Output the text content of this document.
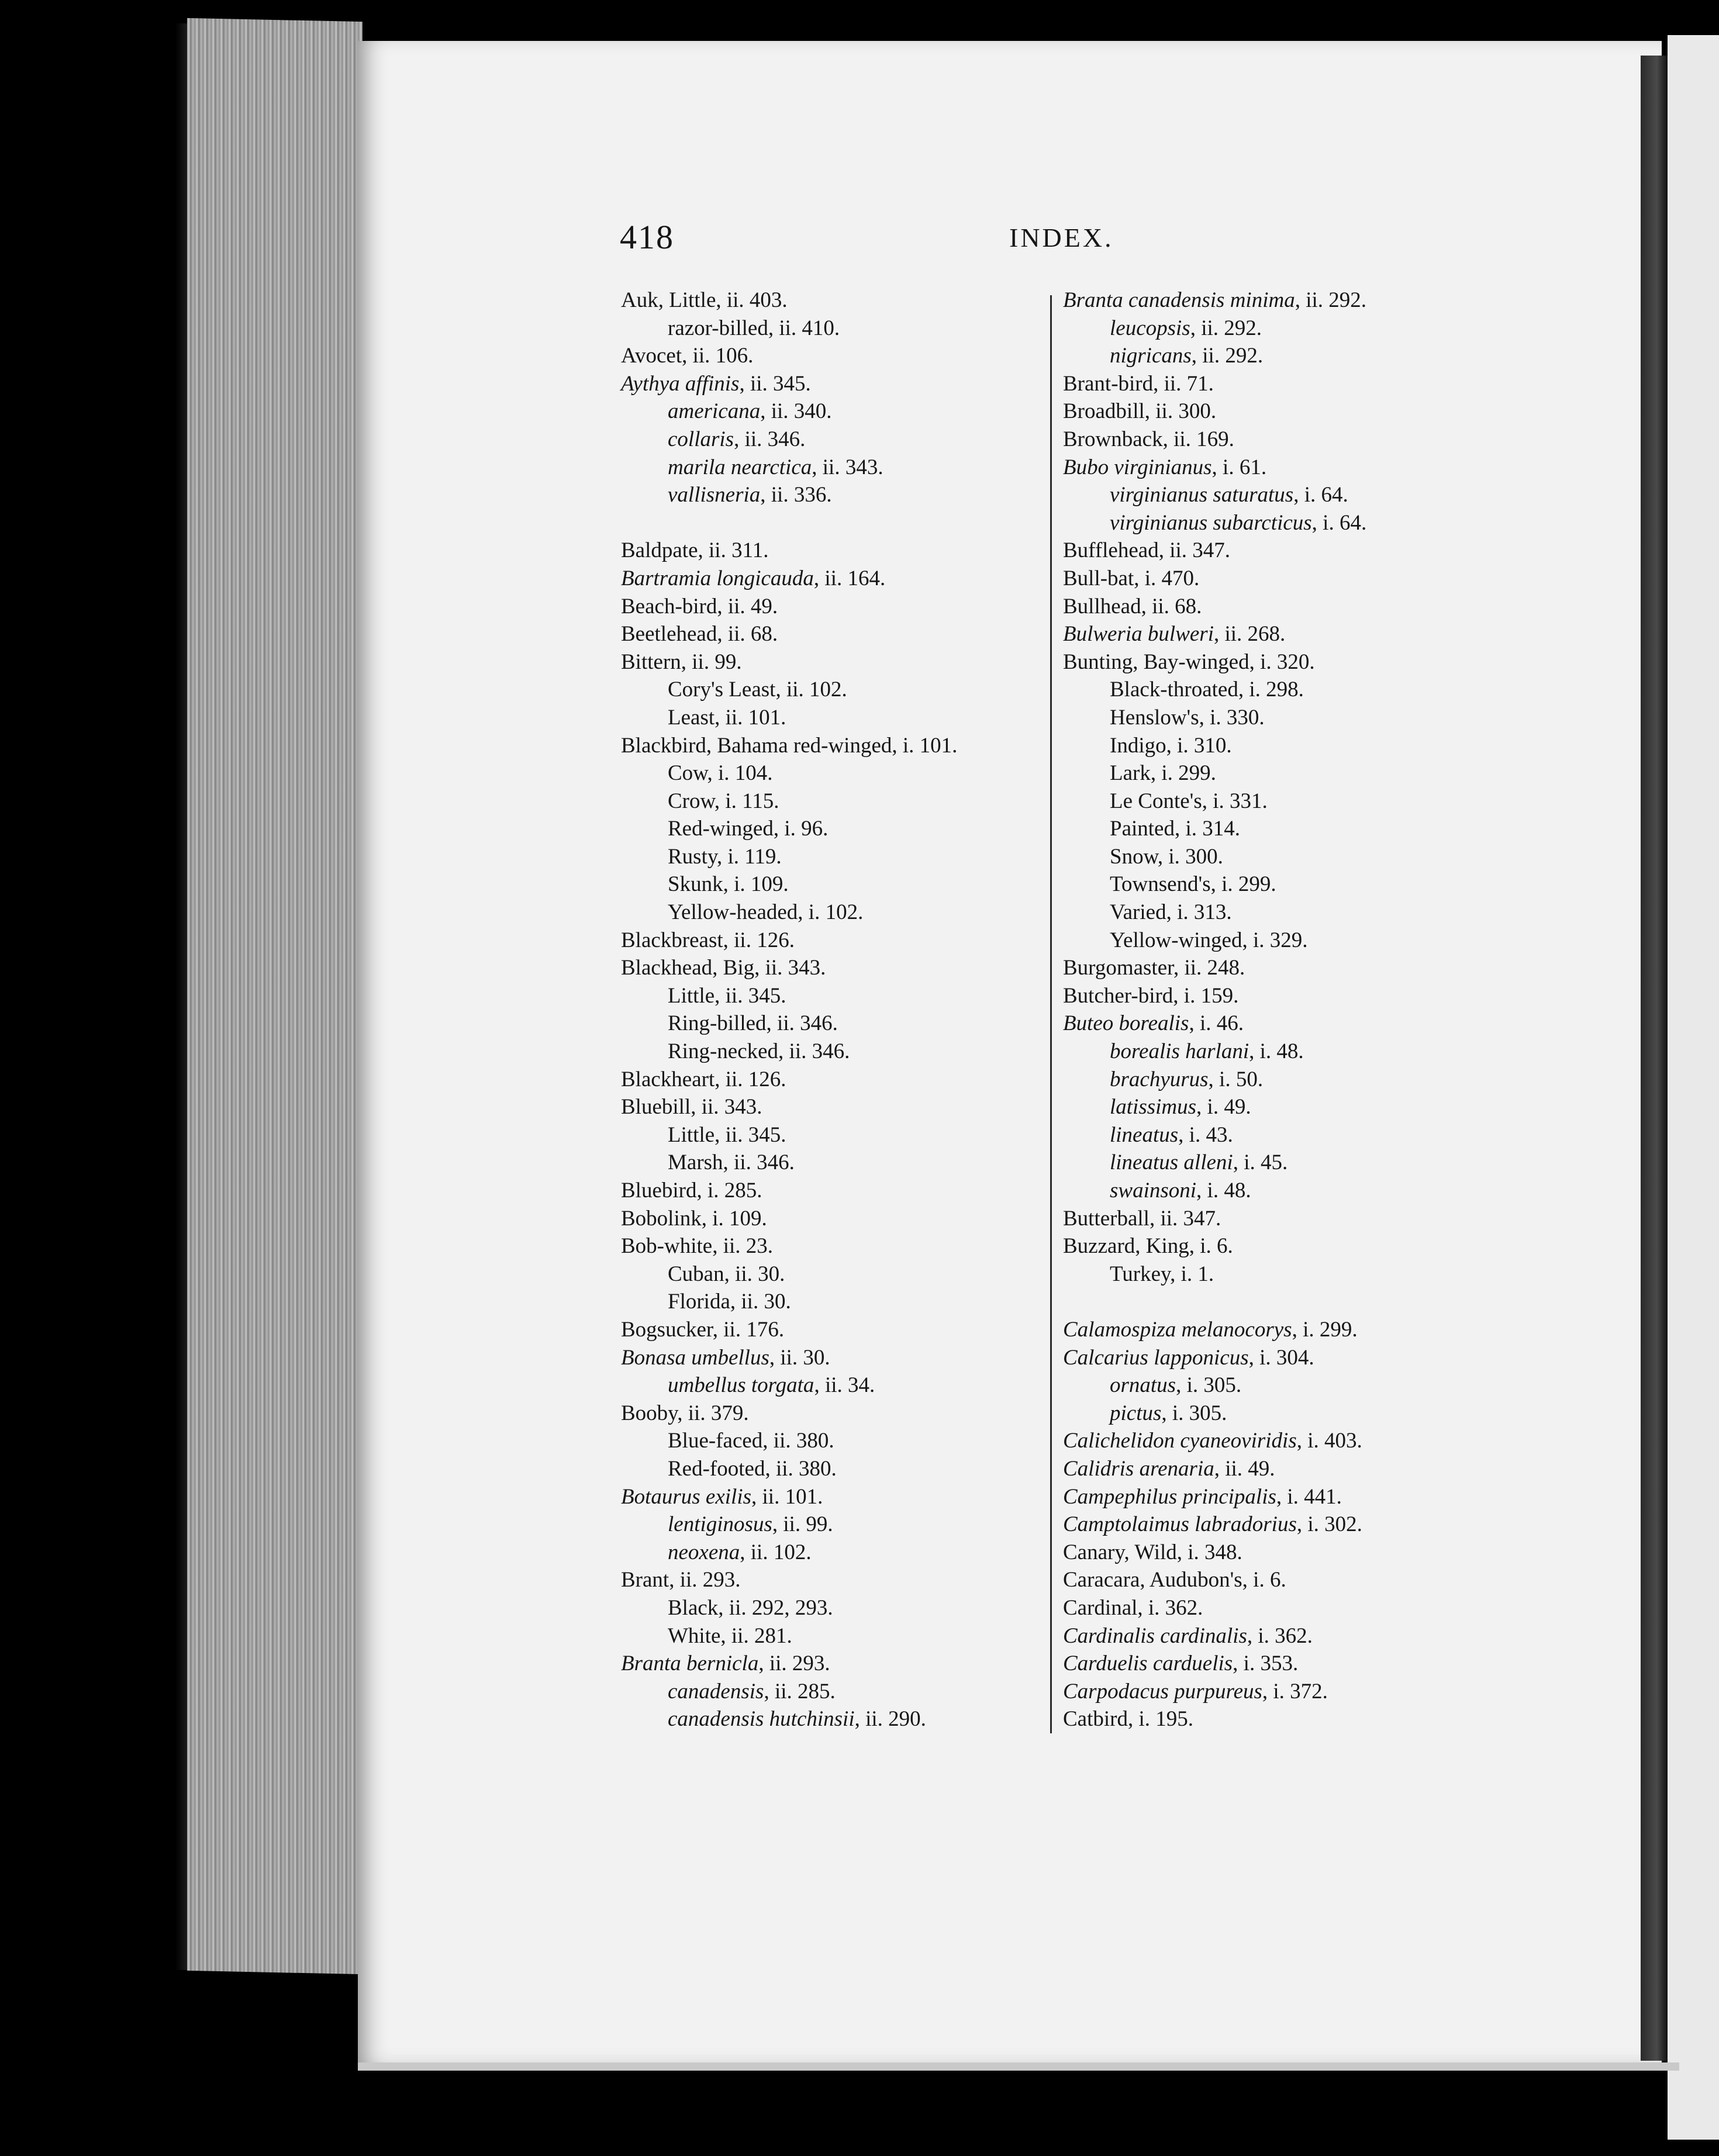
418	INDEX.
Auk, Little, ii. 403.
razor-billed, ii. 410.
Avocet, ii. 106.
Aythya affinis, ii. 345.
americana, ii. 340.
collaris, ii. 346.
marila nearctica, ii. 343.
vallisneria, ii. 336.
Baldpate, ii. 311.
Bartramia longicauda, ii. 164.
Beach-bird, ii. 49.
Beetlehead, ii. 68.
Bittern, ii. 99.
Cory's Least, ii. 102.
Least, ii. 101.
Blackbird, Bahama red-winged, i. 101.
Cow, i. 104.
Crow, i. 115.
Red-winged, i. 96.
Rusty, i. 119.
Skunk, i. 109.
Yellow-headed, i. 102.
Blackbreast, ii. 126.
Blackhead, Big, ii. 343.
Little, ii. 345.
Ring-billed, ii. 346.
Ring-necked, ii. 346.
Blackheart, ii. 126.
Bluebill, ii. 343.
Little, ii. 345.
Marsh, ii. 346.
Bluebird, i. 285.
Bobolink, i. 109.
Bob-white, ii. 23.
Cuban, ii. 30.
Florida, ii. 30.
Bogsucker, ii. 176.
Bonasa umbellus, ii. 30.
umbellus torgata, ii. 34.
Booby, ii. 379.
Blue-faced, ii. 380.
Red-footed, ii. 380.
Botaurus exilis, ii. 101.
lentiginosus, ii. 99.
neoxena, ii. 102.
Brant, ii. 293.
Black, ii. 292, 293.
White, ii. 281.
Branta bernicla, ii. 293.
canadensis, ii. 285.
canadensis hutchinsii, ii. 290.
Branta canadensis minima, ii. 292.
leucopsis, ii. 292.
nigricans, ii. 292.
Brant-bird, ii. 71.
Broadbill, ii. 300.
Brownback, ii. 169.
Bubo virginianus, i. 61.
virginianus saturatus, i. 64.
virginianus subarcticus, i. 64.
Bufflehead, ii. 347.
Bull-bat, i. 470.
Bullhead, ii. 68.
Bulweria bulweri, ii. 268.
Bunting, Bay-winged, i. 320.
Black-throated, i. 298.
Henslow's, i. 330.
Indigo, i. 310.
Lark, i. 299.
Le Conte's, i. 331.
Painted, i. 314.
Snow, i. 300.
Townsend's, i. 299.
Varied, i. 313.
Yellow-winged, i. 329.
Burgomaster, ii. 248.
Butcher-bird, i. 159.
Buteo borealis, i. 46.
borealis harlani, i. 48.
brachyurus, i. 50.
latissimus, i. 49.
lineatus, i. 43.
lineatus alleni, i. 45.
swainsoni, i. 48.
Butterball, ii. 347.
Buzzard, King, i. 6.
Turkey, i. 1.
Calamospiza melanocorys, i. 299.
Calcarius lapponicus, i. 304.
ornatus, i. 305.
pictus, i. 305.
Calichelidon cyaneoviridis, i. 403.
Calidris arenaria, ii. 49.
Campephilus principalis, i. 441.
Camptolaimus labradorius, i. 302.
Canary, Wild, i. 348.
Caracara, Audubon's, i. 6.
Cardinal, i. 362.
Cardinalis cardinalis, i. 362.
Carduelis carduelis, i. 353.
Carpodacus purpureus, i. 372.
Catbird, i. 195.
